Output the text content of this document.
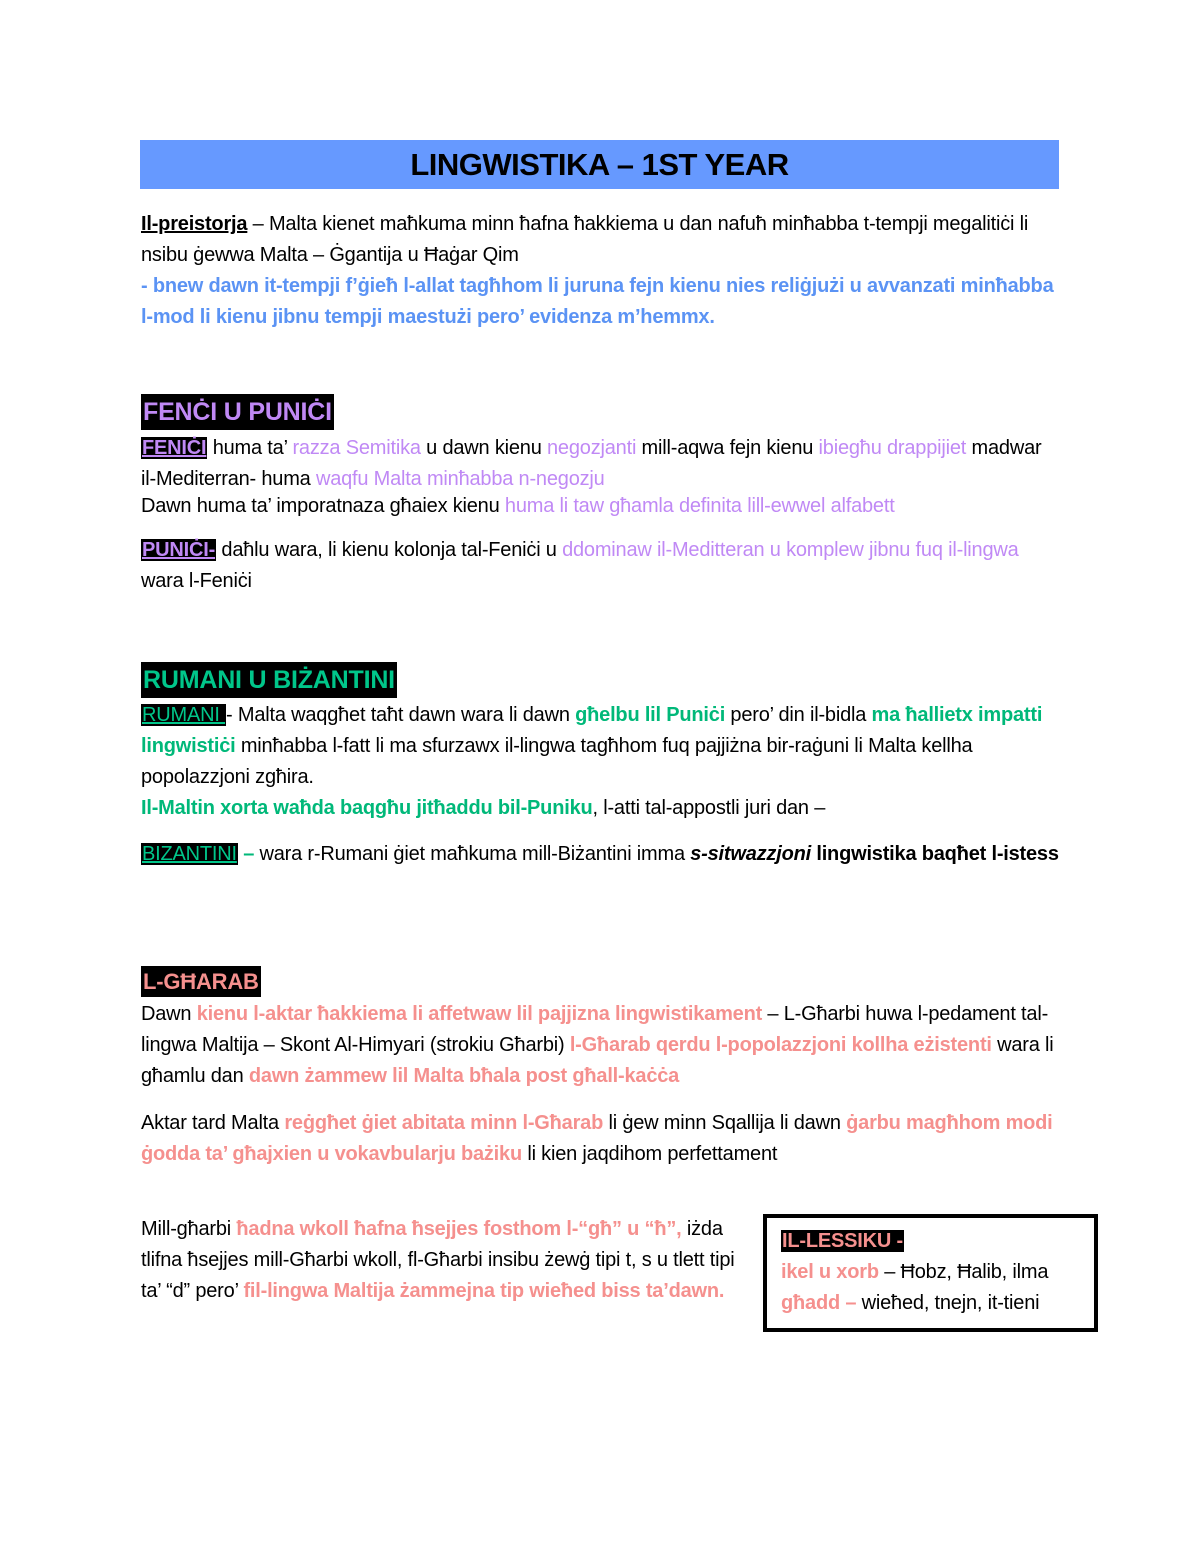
LINGWISTIKA – 1ST YEAR

Il-preistorja – Malta kienet maħkuma minn ħafna ħakkiema u dan nafuħ minħabba t-tempji megalitiċi li nsibu ġewwa Malta – Ġgantija u Ħaġar Qim
- bnew dawn it-tempji f’ġieħ l-allat tagħhom li juruna fejn kienu nies reliġjużi u avvanzati minħabba l-mod li kienu jibnu tempji maestużi pero’ evidenza m’hemmx.

FENĊI U PUNIĊI

FENIĊI huma ta’ razza Semitika u dawn kienu negozjanti mill-aqwa fejn kienu ibiegħu drappijiet madwar il-Mediterran- huma waqfu Malta minħabba n-negozju

Dawn huma ta’ imporatnaza għaiex kienu huma li taw għamla definita lill-ewwel alfabett

PUNIĊI- daħlu wara, li kienu kolonja tal-Feniċi u ddominaw il-Meditteran u komplew jibnu fuq il-lingwa wara l-Feniċi

RUMANI U BIŻANTINI

RUMANI - Malta waqgħet taħt dawn wara li dawn għelbu lil Puniċi pero’ din il-bidla ma ħallietx impatti lingwistiċi minħabba l-fatt li ma sfurzawx il-lingwa tagħhom fuq pajjiżna bir-raġuni li Malta kellha popolazzjoni zgħira.
Il-Maltin xorta waħda baqgħu jitħaddu bil-Puniku, l-atti tal-appostli juri dan –

BIZANTINI – wara r-Rumani ġiet maħkuma mill-Biżantini imma s-sitwazzjoni lingwistika baqħet l-istess

L-GĦARAB

Dawn kienu l-aktar ħakkiema li affetwaw lil pajjizna lingwistikament – L-Għarbi huwa l-pedament tal-lingwa Maltija – Skont Al-Himyari (strokiu Għarbi) l-Għarab qerdu l-popolazzjoni kollha eżistenti wara li għamlu dan dawn żammew lil Malta bħala post għall-kaċċa

Aktar tard Malta reġgħet ġiet abitata minn l-Għarab li ġew minn Sqallija li dawn ġarbu magħhom modi ġodda ta’ għajxien u vokavbularju bażiku li kien jaqdihom perfettament

Mill-għarbi ħadna wkoll ħafna ħsejjes fosthom l-“għ” u “ħ”, iżda tlifna ħsejjes mill-Għarbi wkoll, fl-Għarbi insibu żewġ tipi t, s u tlett tipi ta’ “d” pero’ fil-lingwa Maltija żammejna tip wieħed biss ta’dawn.

IL-LESSIKU -
ikel u xorb – Ħobz, Ħalib, ilma
għadd – wieħed, tnejn, it-tieni
